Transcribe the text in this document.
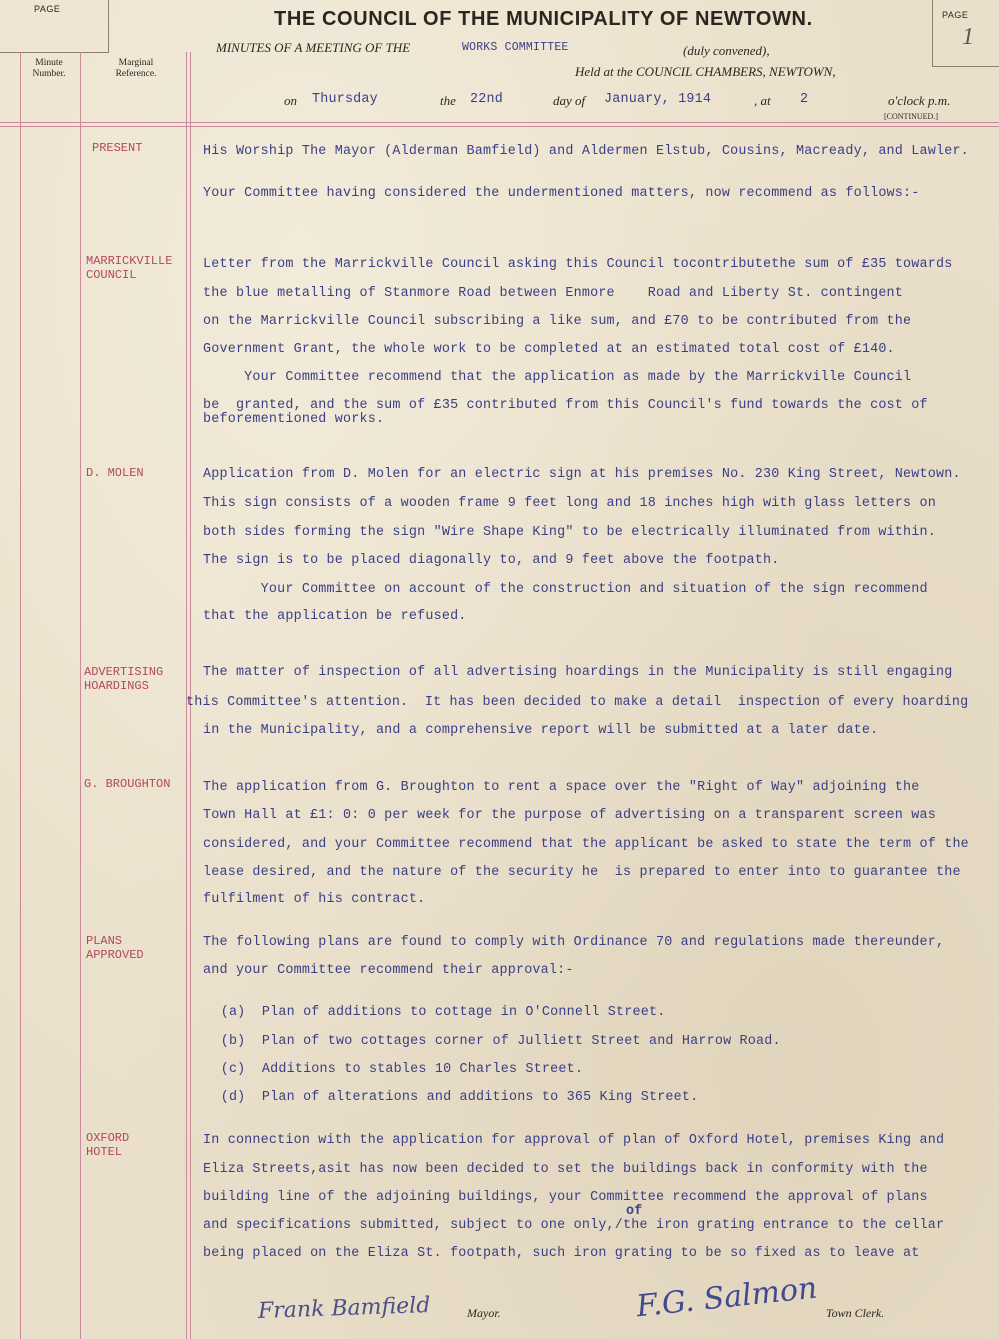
PAGE
Minute Number.
Marginal Reference.
THE COUNCIL OF THE MUNICIPALITY OF NEWTOWN.
MINUTES OF A MEETING OF THE	WORKS COMMITTEE	(duly convened),
Held at the COUNCIL CHAMBERS, NEWTOWN,
on Thursday	the 22nd	day of January, 1914	, at 2	o'clock p.m.
[CONTINUED.]
PAGE
1
PRESENT	His Worship The Mayor (Alderman Bamfield) and Aldermen Elstub, Cousins, Macready, and Lawler.
Your Committee having considered the undermentioned matters, now recommend as follows:-
MARRICKVILLE
COUNCIL
Letter from the Marrickville Council asking this Council tocontributethe sum of £35 towards
the blue metalling of Stanmore Road between Enmore    Road and Liberty St. contingent
on the Marrickville Council subscribing a like sum, and £70 to be contributed from the
Government Grant, the whole work to be completed at an estimated total cost of £140.
Your Committee recommend that the application as made by the Marrickville Council
be  granted, and the sum of £35 contributed from this Council's fund towards the cost of
beforementioned works.
D. MOLEN	Application from D. Molen for an electric sign at his premises No. 230 King Street, Newtown.
This sign consists of a wooden frame 9 feet long and 18 inches high with glass letters on
both sides forming the sign "Wire Shape King" to be electrically illuminated from within.
The sign is to be placed diagonally to, and 9 feet above the footpath.
Your Committee on account of the construction and situation of the sign recommend
that the application be refused.
ADVERTISING
HOARDINGS
The matter of inspection of all advertising hoardings in the Municipality is still engaging
this Committee's attention.  It has been decided to make a detail  inspection of every hoarding
in the Municipality, and a comprehensive report will be submitted at a later date.
G. BROUGHTON The application from G. Broughton to rent a space over the "Right of Way" adjoining the
Town Hall at £1: 0: 0 per week for the purpose of advertising on a transparent screen was
considered, and your Committee recommend that the applicant be asked to state the term of the
lease desired, and the nature of the security he  is prepared to enter into to guarantee the
fulfilment of his contract.
PLANS
APPROVED
The following plans are found to comply with Ordinance 70 and regulations made thereunder,
and your Committee recommend their approval:-
(a)  Plan of additions to cottage in O'Connell Street.
(b)  Plan of two cottages corner of Julliett Street and Harrow Road.
(c)  Additions to stables 10 Charles Street.
(d)  Plan of alterations and additions to 365 King Street.
OXFORD
HOTEL
In connection with the application for approval of plan of Oxford Hotel, premises King and
Eliza Streets,asit has now been decided to set the buildings back in conformity with the
building line of the adjoining buildings, your Committee recommend the approval of plans
of
and specifications submitted, subject to one only,/the iron grating entrance to the cellar
being placed on the Eliza St. footpath, such iron grating to be so fixed as to leave at
Frank Bamfield	Mayor.	F.G. Salmon Town Clerk.
